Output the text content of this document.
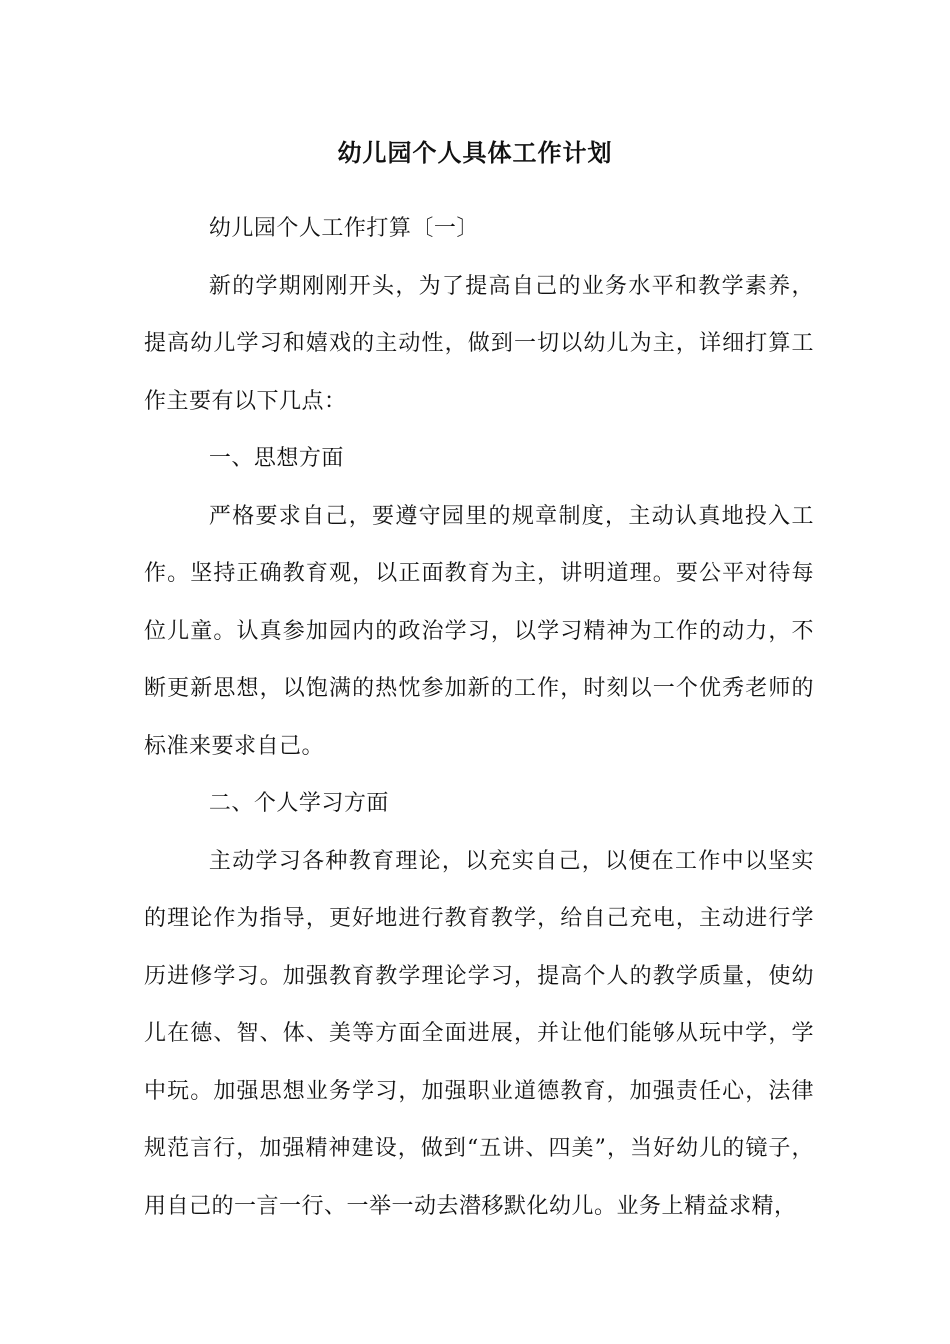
幼儿园个人具体工作计划

幼儿园个人工作打算〔一〕

新的学期刚刚开头，为了提高自己的业务水平和教学素养，提高幼儿学习和嬉戏的主动性，做到一切以幼儿为主，详细打算工作主要有以下几点：

一、思想方面

严格要求自己，要遵守园里的规章制度，主动认真地投入工作。坚持正确教育观，以正面教育为主，讲明道理。要公平对待每位儿童。认真参加园内的政治学习，以学习精神为工作的动力，不断更新思想，以饱满的热忱参加新的工作，时刻以一个优秀老师的标准来要求自己。

二、个人学习方面

主动学习各种教育理论，以充实自己，以便在工作中以坚实的理论作为指导，更好地进行教育教学，给自己充电，主动进行学历进修学习。加强教育教学理论学习，提高个人的教学质量，使幼儿在德、智、体、美等方面全面进展，并让他们能够从玩中学，学中玩。加强思想业务学习，加强职业道德教育，加强责任心，法律规范言行，加强精神建设，做到“五讲、四美”，当好幼儿的镜子，用自己的一言一行、一举一动去潜移默化幼儿。业务上精益求精，
